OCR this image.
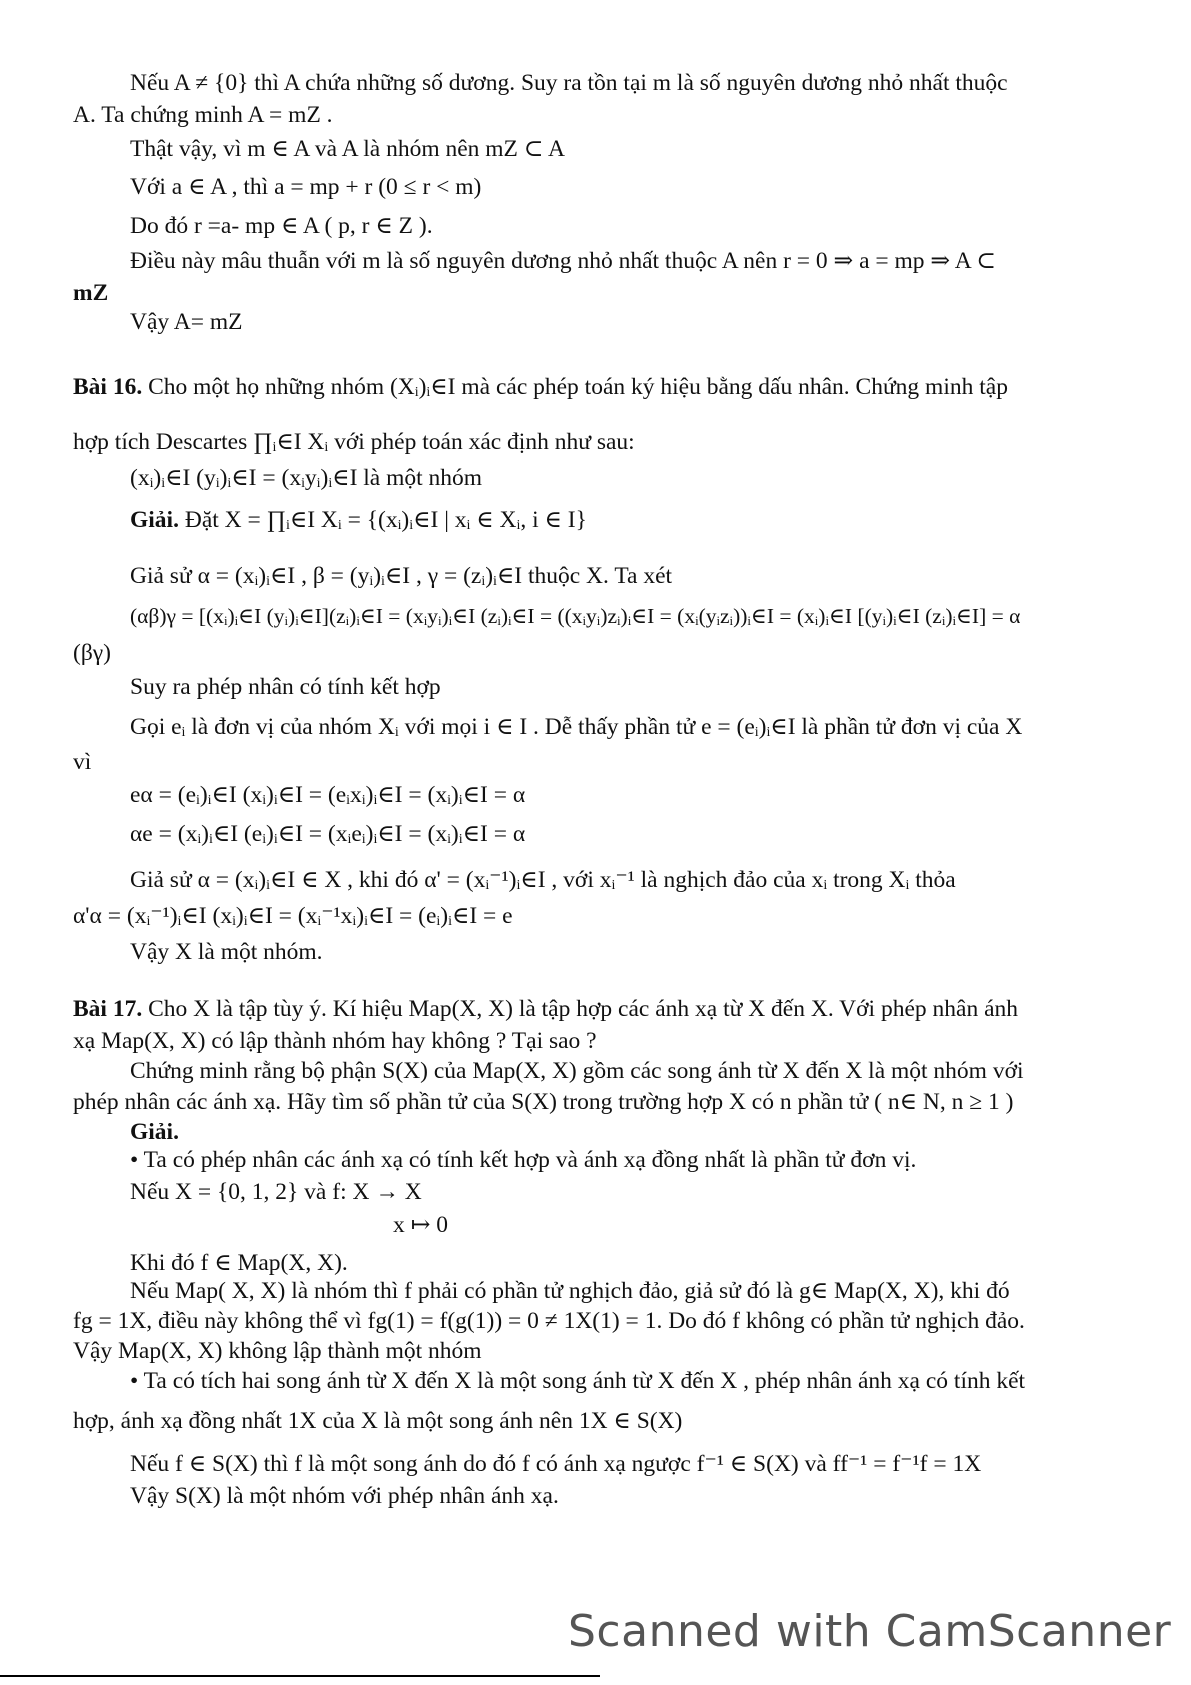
Nếu A ≠ {0} thì A chứa những số dương. Suy ra tồn tại m là số nguyên dương nhỏ nhất thuộc
A. Ta chứng minh A = mZ .
Thật vậy, vì m ∈ A và A là nhóm nên mZ ⊂ A
Với a ∈ A , thì a = mp + r (0 ≤ r < m)
Do đó r =a- mp ∈ A ( p, r ∈ Z ).
Điều này mâu thuẫn với m là số nguyên dương nhỏ nhất thuộc A nên r = 0 ⇒ a = mp ⇒ A ⊂
mZ
Vậy A= mZ
Bài 16. Cho một họ những nhóm (Xᵢ)ᵢ∈I mà các phép toán ký hiệu bằng dấu nhân. Chứng minh tập
hợp tích Descartes ∏ᵢ∈I Xᵢ với phép toán xác định như sau:
(xᵢ)ᵢ∈I (yᵢ)ᵢ∈I = (xᵢyᵢ)ᵢ∈I là một nhóm
Giải. Đặt X = ∏ᵢ∈I Xᵢ = {(xᵢ)ᵢ∈I | xᵢ ∈ Xᵢ, i ∈ I}
Giả sử α = (xᵢ)ᵢ∈I , β = (yᵢ)ᵢ∈I , γ = (zᵢ)ᵢ∈I thuộc X. Ta xét
(αβ)γ = [(xᵢ)ᵢ∈I (yᵢ)ᵢ∈I](zᵢ)ᵢ∈I = (xᵢyᵢ)ᵢ∈I (zᵢ)ᵢ∈I = ((xᵢyᵢ)zᵢ)ᵢ∈I = (xᵢ(yᵢzᵢ))ᵢ∈I = (xᵢ)ᵢ∈I [(yᵢ)ᵢ∈I (zᵢ)ᵢ∈I] = α
(βγ)
Suy ra phép nhân có tính kết hợp
Gọi eᵢ là đơn vị của nhóm Xᵢ với mọi i ∈ I . Dễ thấy phần tử e = (eᵢ)ᵢ∈I là phần tử đơn vị của X
vì
eα = (eᵢ)ᵢ∈I (xᵢ)ᵢ∈I = (eᵢxᵢ)ᵢ∈I = (xᵢ)ᵢ∈I = α
αe = (xᵢ)ᵢ∈I (eᵢ)ᵢ∈I = (xᵢeᵢ)ᵢ∈I = (xᵢ)ᵢ∈I = α
Giả sử α = (xᵢ)ᵢ∈I ∈ X , khi đó α' = (xᵢ⁻¹)ᵢ∈I , với xᵢ⁻¹ là nghịch đảo của xᵢ trong Xᵢ thỏa
α'α = (xᵢ⁻¹)ᵢ∈I (xᵢ)ᵢ∈I = (xᵢ⁻¹xᵢ)ᵢ∈I = (eᵢ)ᵢ∈I = e
Vậy X là một nhóm.
Bài 17. Cho X là tập tùy ý. Kí hiệu Map(X, X) là tập hợp các ánh xạ từ X đến X. Với phép nhân ánh
xạ Map(X, X) có lập thành nhóm hay không ? Tại sao ?
Chứng minh rằng bộ phận S(X) của Map(X, X) gồm các song ánh từ X đến X là một nhóm với
phép nhân các ánh xạ. Hãy tìm số phần tử của S(X) trong trường hợp X có n phần tử ( n∈ N, n ≥ 1 )
Giải.
• Ta có phép nhân các ánh xạ có tính kết hợp và ánh xạ đồng nhất là phần tử đơn vị.
Nếu X = {0, 1, 2} và f: X → X
x ↦ 0
Khi đó f ∈ Map(X, X).
Nếu Map( X, X) là nhóm thì f phải có phần tử nghịch đảo, giả sử đó là g∈ Map(X, X), khi đó
fg = 1X, điều này không thể vì fg(1) = f(g(1)) = 0 ≠ 1X(1) = 1. Do đó f không có phần tử nghịch đảo.
Vậy Map(X, X) không lập thành một nhóm
• Ta có tích hai song ánh từ X đến X là một song ánh từ X đến X , phép nhân ánh xạ có tính kết
hợp, ánh xạ đồng nhất 1X của X là một song ánh nên 1X ∈ S(X)
Nếu f ∈ S(X) thì f là một song ánh do đó f có ánh xạ ngược f⁻¹ ∈ S(X) và ff⁻¹ = f⁻¹f = 1X
Vậy S(X) là một nhóm với phép nhân ánh xạ.
Scanned with CamScanner
